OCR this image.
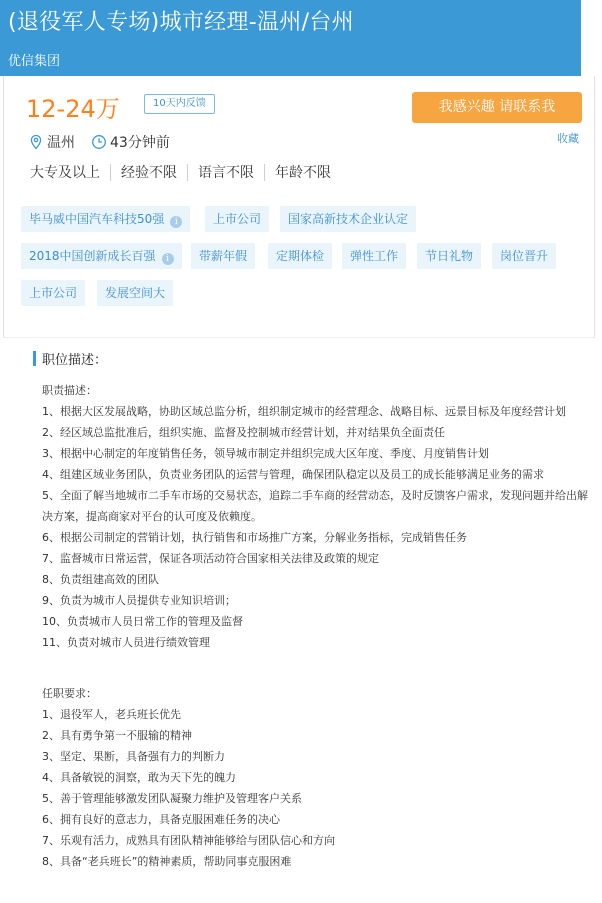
(退役军人专场)城市经理-温州/台州
优信集团
12-24万	10天内反馈	我感兴趣 请联系我
收藏
温州	43分钟前
大专及以上 经验不限 语言不限 年龄不限
毕马威中国汽车科技50强 i	上市公司	国家高新技术企业认定
2018中国创新成长百强 i	带薪年假	定期体检	弹性工作	节日礼物	岗位晋升
上市公司	发展空间大
职位描述：
职责描述：
1、根据大区发展战略，协助区域总监分析，组织制定城市的经营理念、战略目标、远景目标及年度经营计划
2、经区域总监批准后，组织实施、监督及控制城市经营计划，并对结果负全面责任
3、根据中心制定的年度销售任务，领导城市制定并组织完成大区年度、季度、月度销售计划
4、组建区域业务团队，负责业务团队的运营与管理，确保团队稳定以及员工的成长能够满足业务的需求
5、全面了解当地城市二手车市场的交易状态，追踪二手车商的经营动态，及时反馈客户需求，发现问题并给出解
决方案，提高商家对平台的认可度及依赖度。
6、根据公司制定的营销计划，执行销售和市场推广方案，分解业务指标，完成销售任务
7、监督城市日常运营，保证各项活动符合国家相关法律及政策的规定
8、负责组建高效的团队
9、负责为城市人员提供专业知识培训；
10、负责城市人员日常工作的管理及监督
11、负责对城市人员进行绩效管理
任职要求：
1、退役军人，老兵班长优先
2、具有勇争第一不服输的精神
3、坚定、果断，具备强有力的判断力
4、具备敏锐的洞察，敢为天下先的魄力
5、善于管理能够激发团队凝聚力维护及管理客户关系
6、拥有良好的意志力，具备克服困难任务的决心
7、乐观有活力，成熟具有团队精神能够给与团队信心和方向
8、具备“老兵班长”的精神素质，帮助同事克服困难
